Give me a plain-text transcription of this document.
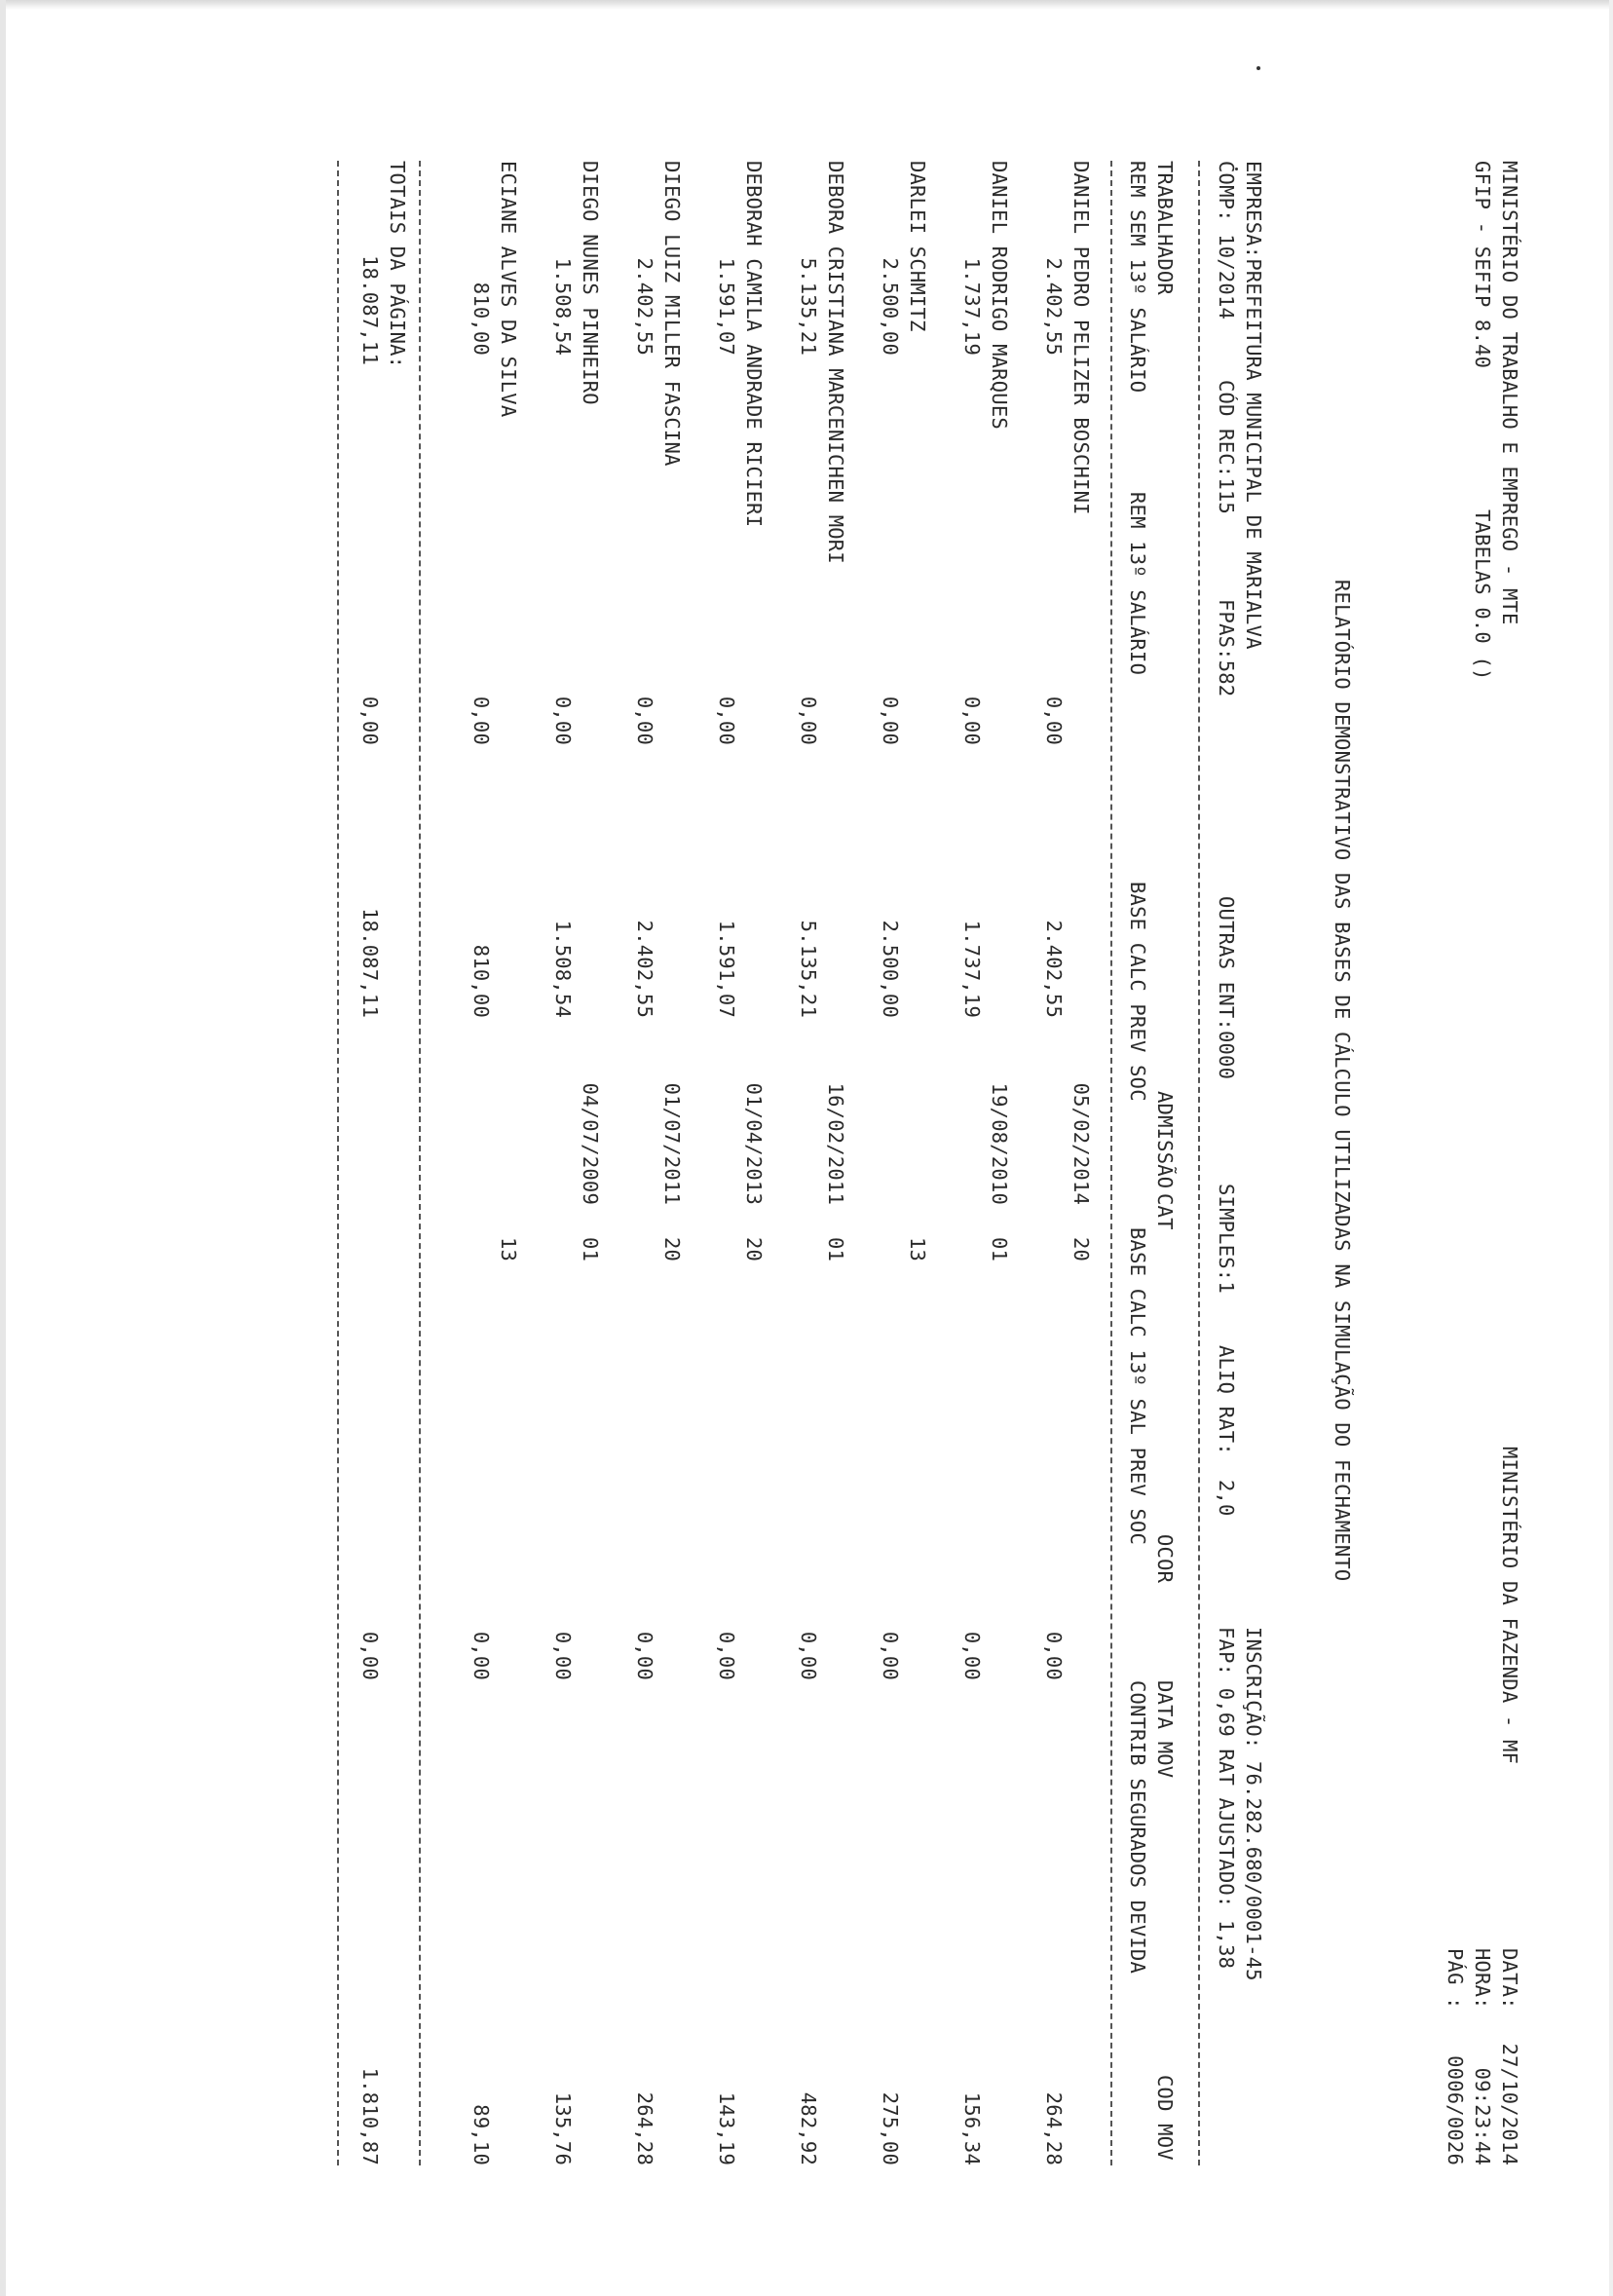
MINISTÉRIO DO TRABALHO E EMPREGO - MTE
MINISTÉRIO DA FAZENDA - MF
DATA:
27/10/2014
GFIP - SEFIP 8.40
TABELAS 0.0 ()
HORA:
09:23:44
PÁG :
0006/0026
RELATÓRIO DEMONSTRATIVO DAS BASES DE CÁLCULO UTILIZADAS NA SIMULAÇÃO DO FECHAMENTO
EMPRESA:PREFEITURA MUNICIPAL DE MARIALVA
INSCRIÇÃO: 76.282.680/0001-45
COMP: 10/2014
CÓD REC:115
FPAS:582
OUTRAS ENT:0000
SIMPLES:1
ALIQ RAT:  2,0
FAP: 0,69 RAT AJUSTADO: 1,38
TRABALHADOR
ADMISSÃO
CAT
OCOR
DATA MOV
COD MOV
REM SEM 13º SALÁRIO
REM 13º SALÁRIO
BASE CALC PREV SOC
BASE CALC 13º SAL PREV SOC
CONTRIB SEGURADOS DEVIDA
DANIEL PEDRO PELIZER BOSCHINI
05/02/2014
20
2.402,55
0,00
2.402,55
0,00
264,28
DANIEL RODRIGO MARQUES
19/08/2010
01
1.737,19
0,00
1.737,19
0,00
156,34
DARLEI SCHMITZ
13
2.500,00
0,00
2.500,00
0,00
275,00
DEBORA CRISTIANA MARCENICHEN MORI
16/02/2011
01
5.135,21
0,00
5.135,21
0,00
482,92
DEBORAH CAMILA ANDRADE RICIERI
01/04/2013
20
1.591,07
0,00
1.591,07
0,00
143,19
DIEGO LUIZ MILLER FASCINA
01/07/2011
20
2.402,55
0,00
2.402,55
0,00
264,28
DIEGO NUNES PINHEIRO
04/07/2009
01
1.508,54
0,00
1.508,54
0,00
135,76
ECIANE ALVES DA SILVA
13
810,00
0,00
810,00
0,00
89,10
TOTAIS DA PÁGINA:
18.087,11
0,00
18.087,11
0,00
1.810,87
